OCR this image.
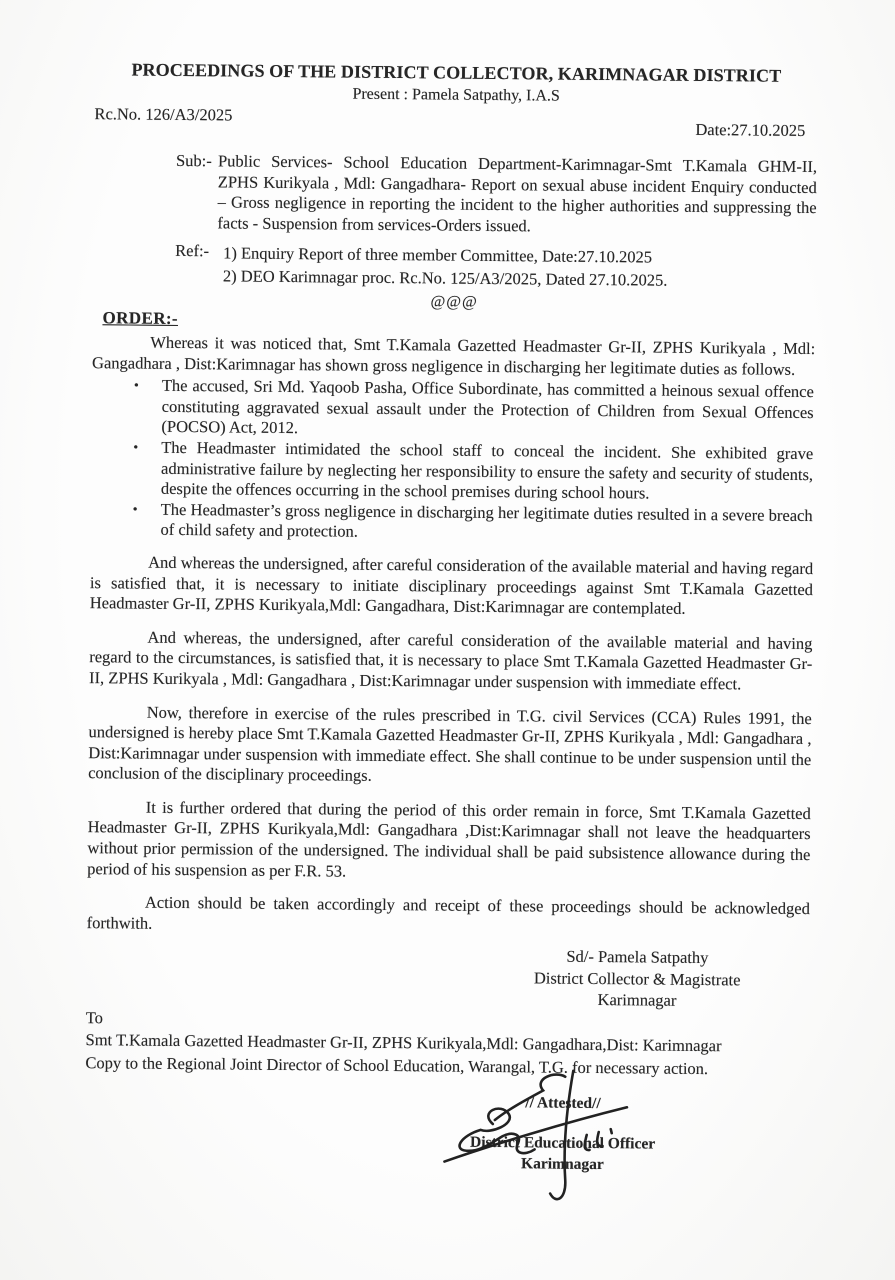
PROCEEDINGS OF THE DISTRICT COLLECTOR, KARIMNAGAR DISTRICT
Present : Pamela Satpathy, I.A.S
Rc.No. 126/A3/2025
Date:27.10.2025
Sub:- Public Services- School Education Department-Karimnagar-Smt T.Kamala GHM-II, ZPHS Kurikyala , Mdl: Gangadhara- Report on sexual abuse incident Enquiry conducted – Gross negligence in reporting the incident to the higher authorities and suppressing the facts - Suspension from services-Orders issued.
Ref:- 1) Enquiry Report of three member Committee, Date:27.10.2025
2) DEO Karimnagar proc. Rc.No. 125/A3/2025, Dated 27.10.2025.
@@@
ORDER:-
Whereas it was noticed that, Smt T.Kamala Gazetted Headmaster Gr-II, ZPHS Kurikyala , Mdl: Gangadhara , Dist:Karimnagar has shown gross negligence in discharging her legitimate duties as follows.
•	The accused, Sri Md. Yaqoob Pasha, Office Subordinate, has committed a heinous sexual offence constituting aggravated sexual assault under the Protection of Children from Sexual Offences (POCSO) Act, 2012.
•	The Headmaster intimidated the school staff to conceal the incident. She exhibited grave administrative failure by neglecting her responsibility to ensure the safety and security of students, despite the offences occurring in the school premises during school hours.
•	The Headmaster’s gross negligence in discharging her legitimate duties resulted in a severe breach of child safety and protection.
And whereas the undersigned, after careful consideration of the available material and having regard is satisfied that, it is necessary to initiate disciplinary proceedings against Smt T.Kamala Gazetted Headmaster Gr-II, ZPHS Kurikyala,Mdl: Gangadhara, Dist:Karimnagar are contemplated.
And whereas, the undersigned, after careful consideration of the available material and having regard to the circumstances, is satisfied that, it is necessary to place Smt T.Kamala Gazetted Headmaster Gr-II, ZPHS Kurikyala , Mdl: Gangadhara , Dist:Karimnagar under suspension with immediate effect.
Now, therefore in exercise of the rules prescribed in T.G. civil Services (CCA) Rules 1991, the undersigned is hereby place Smt T.Kamala Gazetted Headmaster Gr-II, ZPHS Kurikyala , Mdl: Gangadhara , Dist:Karimnagar under suspension with immediate effect. She shall continue to be under suspension until the conclusion of the disciplinary proceedings.
It is further ordered that during the period of this order remain in force, Smt T.Kamala Gazetted Headmaster Gr-II, ZPHS Kurikyala,Mdl: Gangadhara ,Dist:Karimnagar shall not leave the headquarters without prior permission of the undersigned. The individual shall be paid subsistence allowance during the period of his suspension as per F.R. 53.
Action should be taken accordingly and receipt of these proceedings should be acknowledged forthwith.
Sd/- Pamela Satpathy
District Collector & Magistrate
Karimnagar
To
Smt T.Kamala Gazetted Headmaster Gr-II, ZPHS Kurikyala,Mdl: Gangadhara,Dist: Karimnagar
Copy to the Regional Joint Director of School Education, Warangal, T.G. for necessary action.
// Attested//
District Educational Officer
Karimnagar
